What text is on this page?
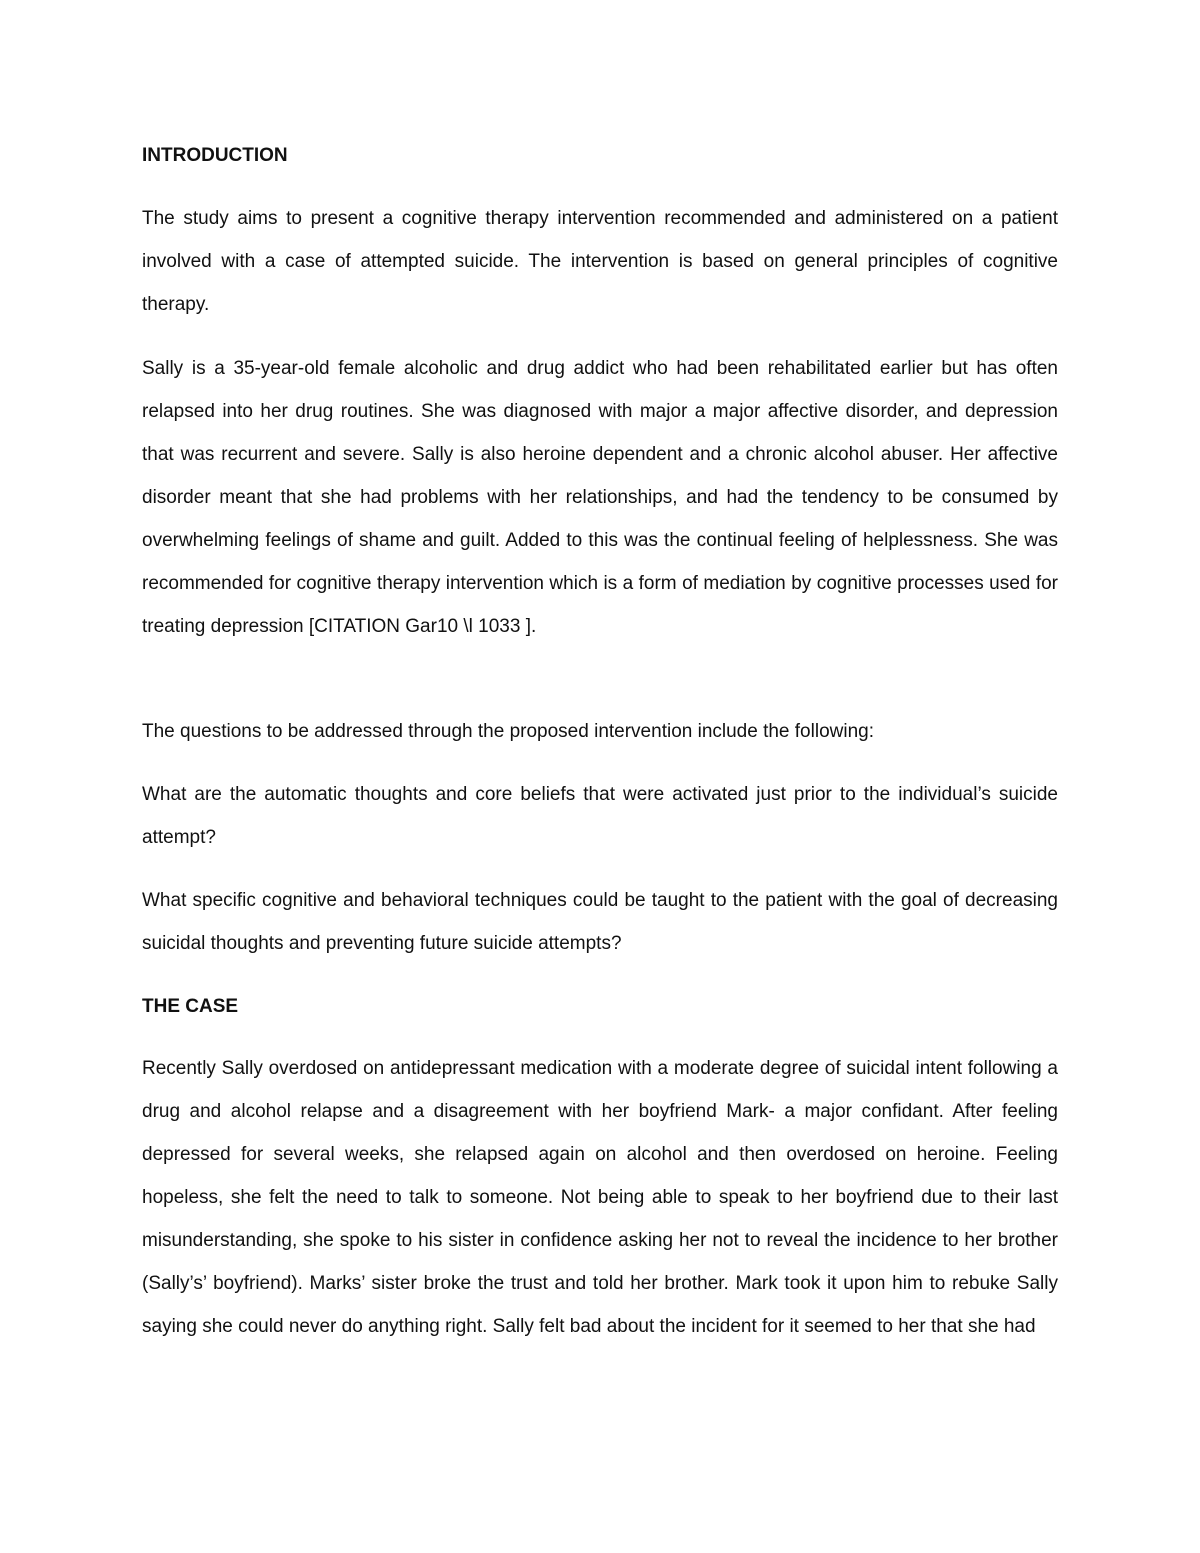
INTRODUCTION

The study aims to present a cognitive therapy intervention recommended and administered on a patient involved with a case of attempted suicide. The intervention is based on general principles of cognitive therapy.

Sally is a 35-year-old female alcoholic and drug addict who had been rehabilitated earlier but has often relapsed into her drug routines. She was diagnosed with major a major affective disorder, and depression that was recurrent and severe. Sally is also heroine dependent and a chronic alcohol abuser. Her affective disorder meant that she had problems with her relationships, and had the tendency to be consumed by overwhelming feelings of shame and guilt. Added to this was the continual feeling of helplessness. She was recommended for cognitive therapy intervention which is a form of mediation by cognitive processes used for treating depression [CITATION Gar10 \l 1033 ].

The questions to be addressed through the proposed intervention include the following:

What are the automatic thoughts and core beliefs that were activated just prior to the individual’s suicide attempt?

What specific cognitive and behavioral techniques could be taught to the patient with the goal of decreasing suicidal thoughts and preventing future suicide attempts?

THE CASE

Recently Sally overdosed on antidepressant medication with a moderate degree of suicidal intent following a drug and alcohol relapse and a disagreement with her boyfriend Mark- a major confidant. After feeling depressed for several weeks, she relapsed again on alcohol and then overdosed on heroine. Feeling hopeless, she felt the need to talk to someone. Not being able to speak to her boyfriend due to their last misunderstanding, she spoke to his sister in confidence asking her not to reveal the incidence to her brother (Sally’s’ boyfriend). Marks’ sister broke the trust and told her brother. Mark took it upon him to rebuke Sally saying she could never do anything right. Sally felt bad about the incident for it seemed to her that she had
